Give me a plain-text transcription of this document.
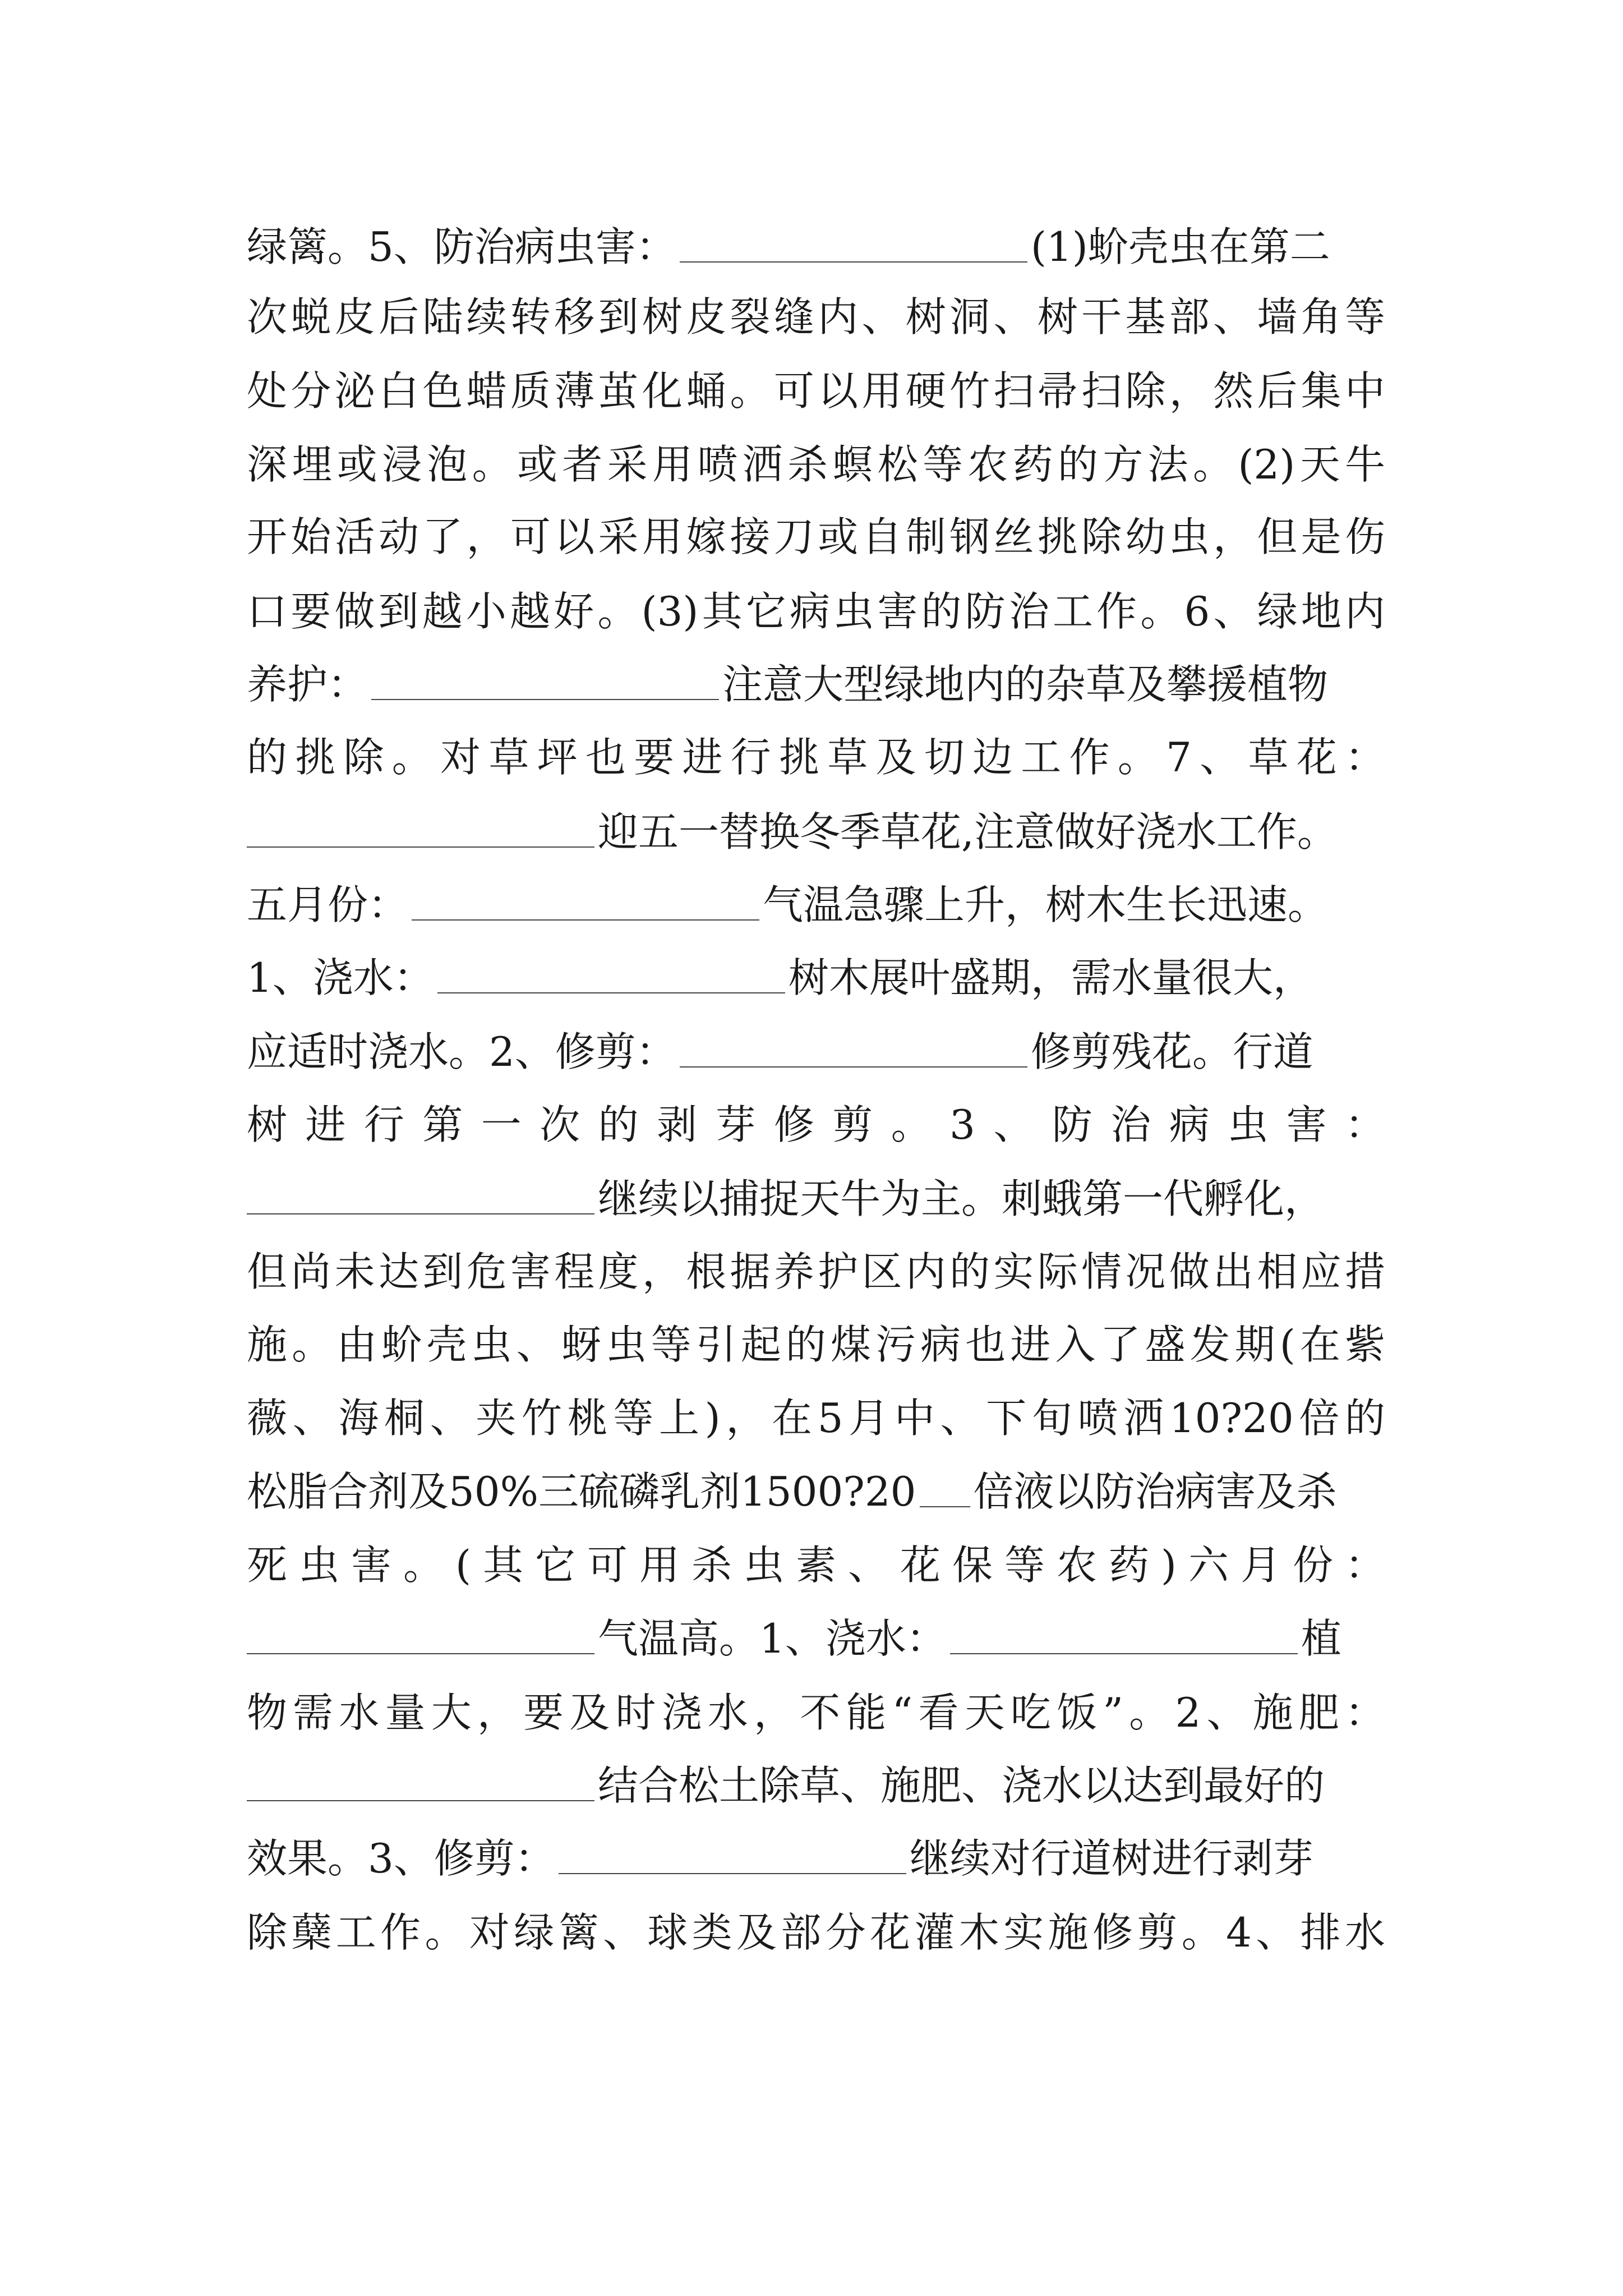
绿篱。5、防治病虫害：	(1)蚧壳虫在第二
次蜕皮后陆续转移到树皮裂缝内、树洞、树干基部、墙角等
处分泌白色蜡质薄茧化蛹。可以用硬竹扫帚扫除，然后集中
深埋或浸泡。或者采用喷洒杀螟松等农药的方法。(2)天牛
开始活动了，可以采用嫁接刀或自制钢丝挑除幼虫，但是伤
口要做到越小越好。(3)其它病虫害的防治工作。6、绿地内
养护：	注意大型绿地内的杂草及攀援植物
的挑除。对草坪也要进行挑草及切边工作。7、草花：
迎五一替换冬季草花,注意做好浇水工作。
五月份：	气温急骤上升，树木生长迅速。
1、浇水：	树木展叶盛期，需水量很大，
应适时浇水。2、修剪：	修剪残花。行道
树进行第一次的剥芽修剪。3、防治病虫害：
继续以捕捉天牛为主。刺蛾第一代孵化，
但尚未达到危害程度，根据养护区内的实际情况做出相应措
施。由蚧壳虫、蚜虫等引起的煤污病也进入了盛发期(在紫
薇、海桐、夹竹桃等上)，在5月中、下旬喷洒10?20倍的
松脂合剂及50%三硫磷乳剂1500?20 倍液以防治病害及杀
死虫害。(其它可用杀虫素、花保等农药)六月份：
气温高。1、浇水：	植
物需水量大，要及时浇水，不能“看天吃饭”。2、施肥：
结合松土除草、施肥、浇水以达到最好的
效果。3、修剪：	继续对行道树进行剥芽
除蘖工作。对绿篱、球类及部分花灌木实施修剪。4、排水
